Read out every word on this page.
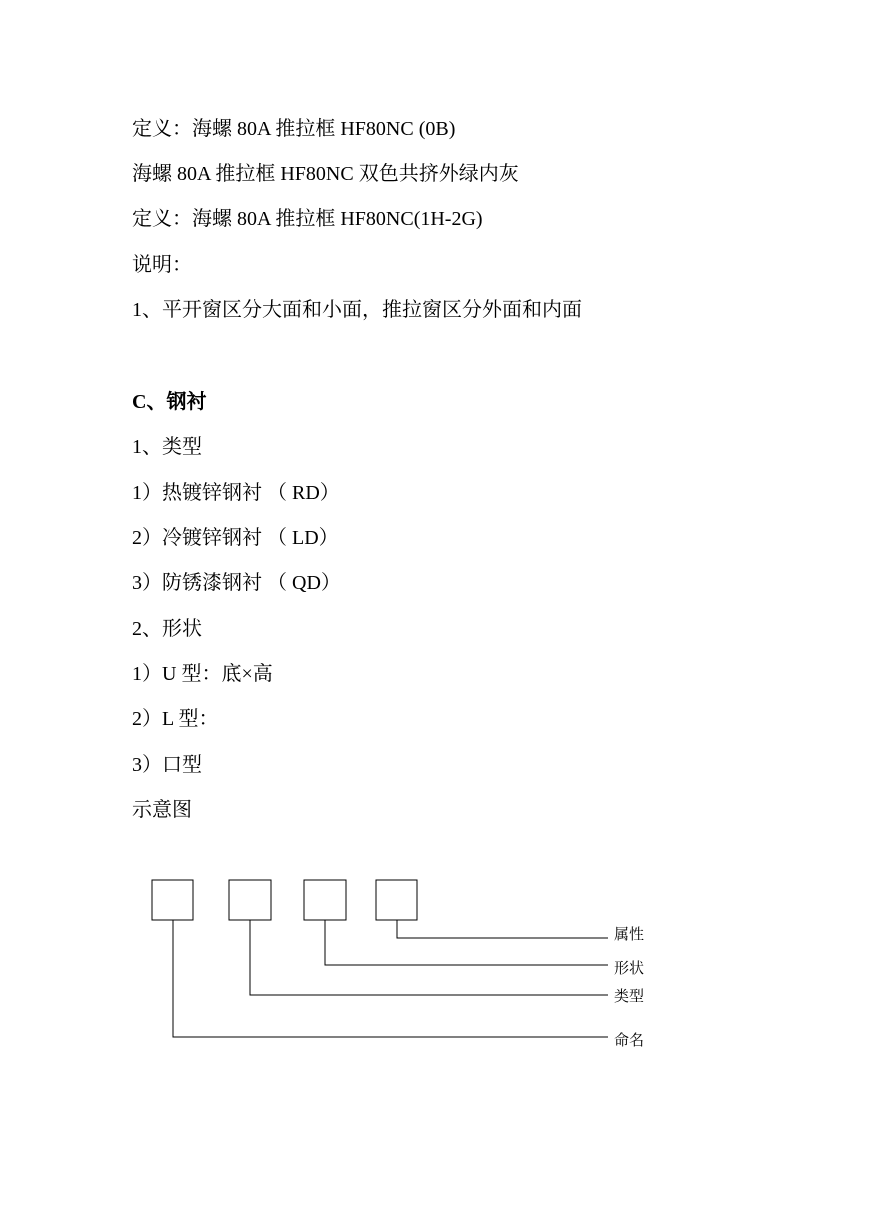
定义：海螺 80A 推拉框 HF80NC (0B)
海螺 80A 推拉框 HF80NC 双色共挤外绿内灰
定义：海螺 80A 推拉框 HF80NC(1H-2G)
说明：
1、平开窗区分大面和小面，推拉窗区分外面和内面
C、钢衬
1、类型
1）热镀锌钢衬 （ RD）
2）冷镀锌钢衬 （ LD）
3）防锈漆钢衬 （ QD）
2、形状
1）U 型：底×高
2）L 型：
3）口型
示意图
属性
形状
类型
命名
